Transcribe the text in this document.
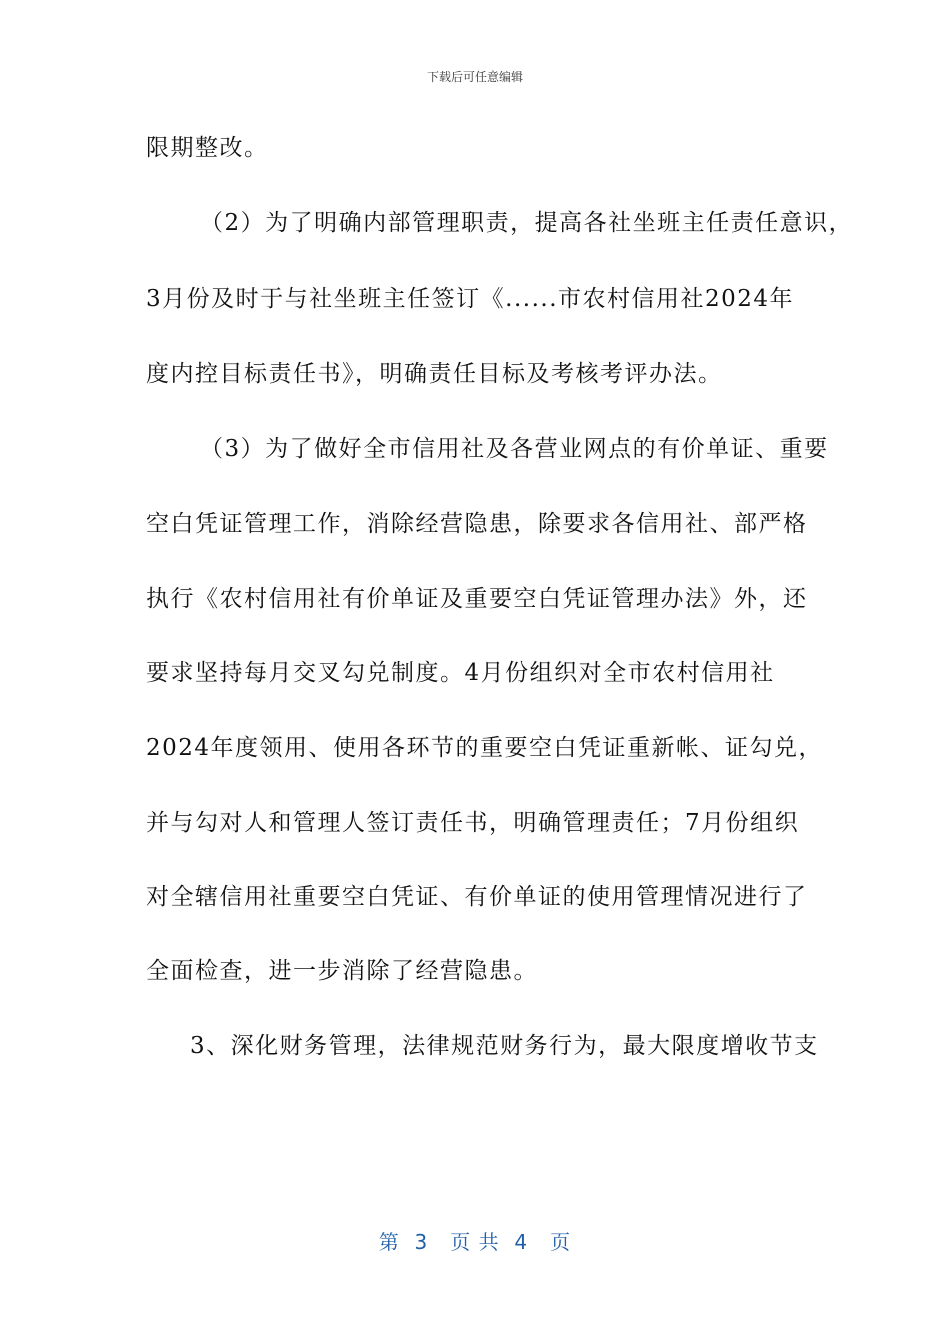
下载后可任意编辑
限期整改。
（2）为了明确内部管理职责，提高各社坐班主任责任意识，
3月份及时于与社坐班主任签订《......市农村信用社2024年
度内控目标责任书》，明确责任目标及考核考评办法。
（3）为了做好全市信用社及各营业网点的有价单证、重要
空白凭证管理工作，消除经营隐患，除要求各信用社、部严格
执行《农村信用社有价单证及重要空白凭证管理办法》外，还
要求坚持每月交叉勾兑制度。4月份组织对全市农村信用社
2024年度领用、使用各环节的重要空白凭证重新帐、证勾兑，
并与勾对人和管理人签订责任书，明确管理责任；7月份组织
对全辖信用社重要空白凭证、有价单证的使用管理情况进行了
全面检查，进一步消除了经营隐患。
3、深化财务管理，法律规范财务行为，最大限度增收节支
第  3   页 共  4   页
